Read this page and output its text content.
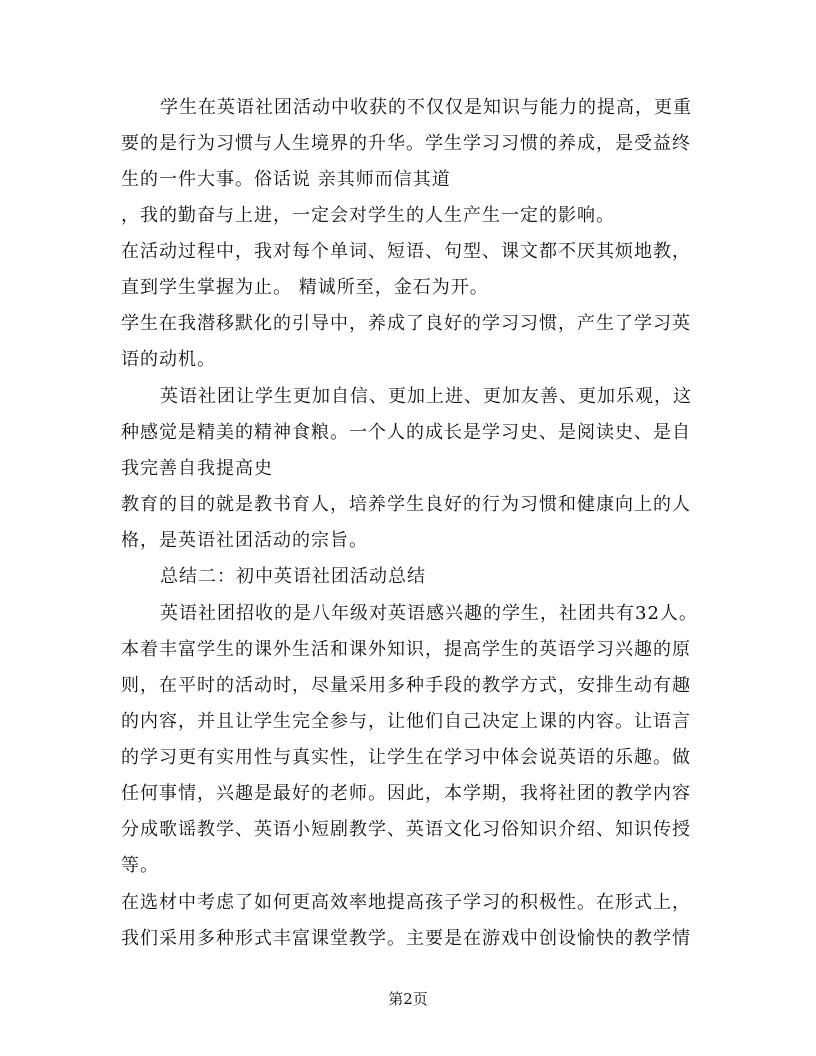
学生在英语社团活动中收获的不仅仅是知识与能力的提高，更重
要的是行为习惯与人生境界的升华。学生学习习惯的养成，是受益终
生的一件大事。俗话说 亲其师而信其道
，我的勤奋与上进，一定会对学生的人生产生一定的影响。
在活动过程中，我对每个单词、短语、句型、课文都不厌其烦地教，
直到学生掌握为止。 精诚所至，金石为开。
学生在我潜移默化的引导中，养成了良好的学习习惯，产生了学习英
语的动机。
英语社团让学生更加自信、更加上进、更加友善、更加乐观，这
种感觉是精美的精神食粮。一个人的成长是学习史、是阅读史、是自
我完善自我提高史
教育的目的就是教书育人，培养学生良好的行为习惯和健康向上的人
格，是英语社团活动的宗旨。
总结二：初中英语社团活动总结
英语社团招收的是八年级对英语感兴趣的学生，社团共有32人。
本着丰富学生的课外生活和课外知识，提高学生的英语学习兴趣的原
则，在平时的活动时，尽量采用多种手段的教学方式，安排生动有趣
的内容，并且让学生完全参与，让他们自己决定上课的内容。让语言
的学习更有实用性与真实性，让学生在学习中体会说英语的乐趣。做
任何事情，兴趣是最好的老师。因此，本学期，我将社团的教学内容
分成歌谣教学、英语小短剧教学、英语文化习俗知识介绍、知识传授
等。
在选材中考虑了如何更高效率地提高孩子学习的积极性。在形式上，
我们采用多种形式丰富课堂教学。主要是在游戏中创设愉快的教学情
第2页
